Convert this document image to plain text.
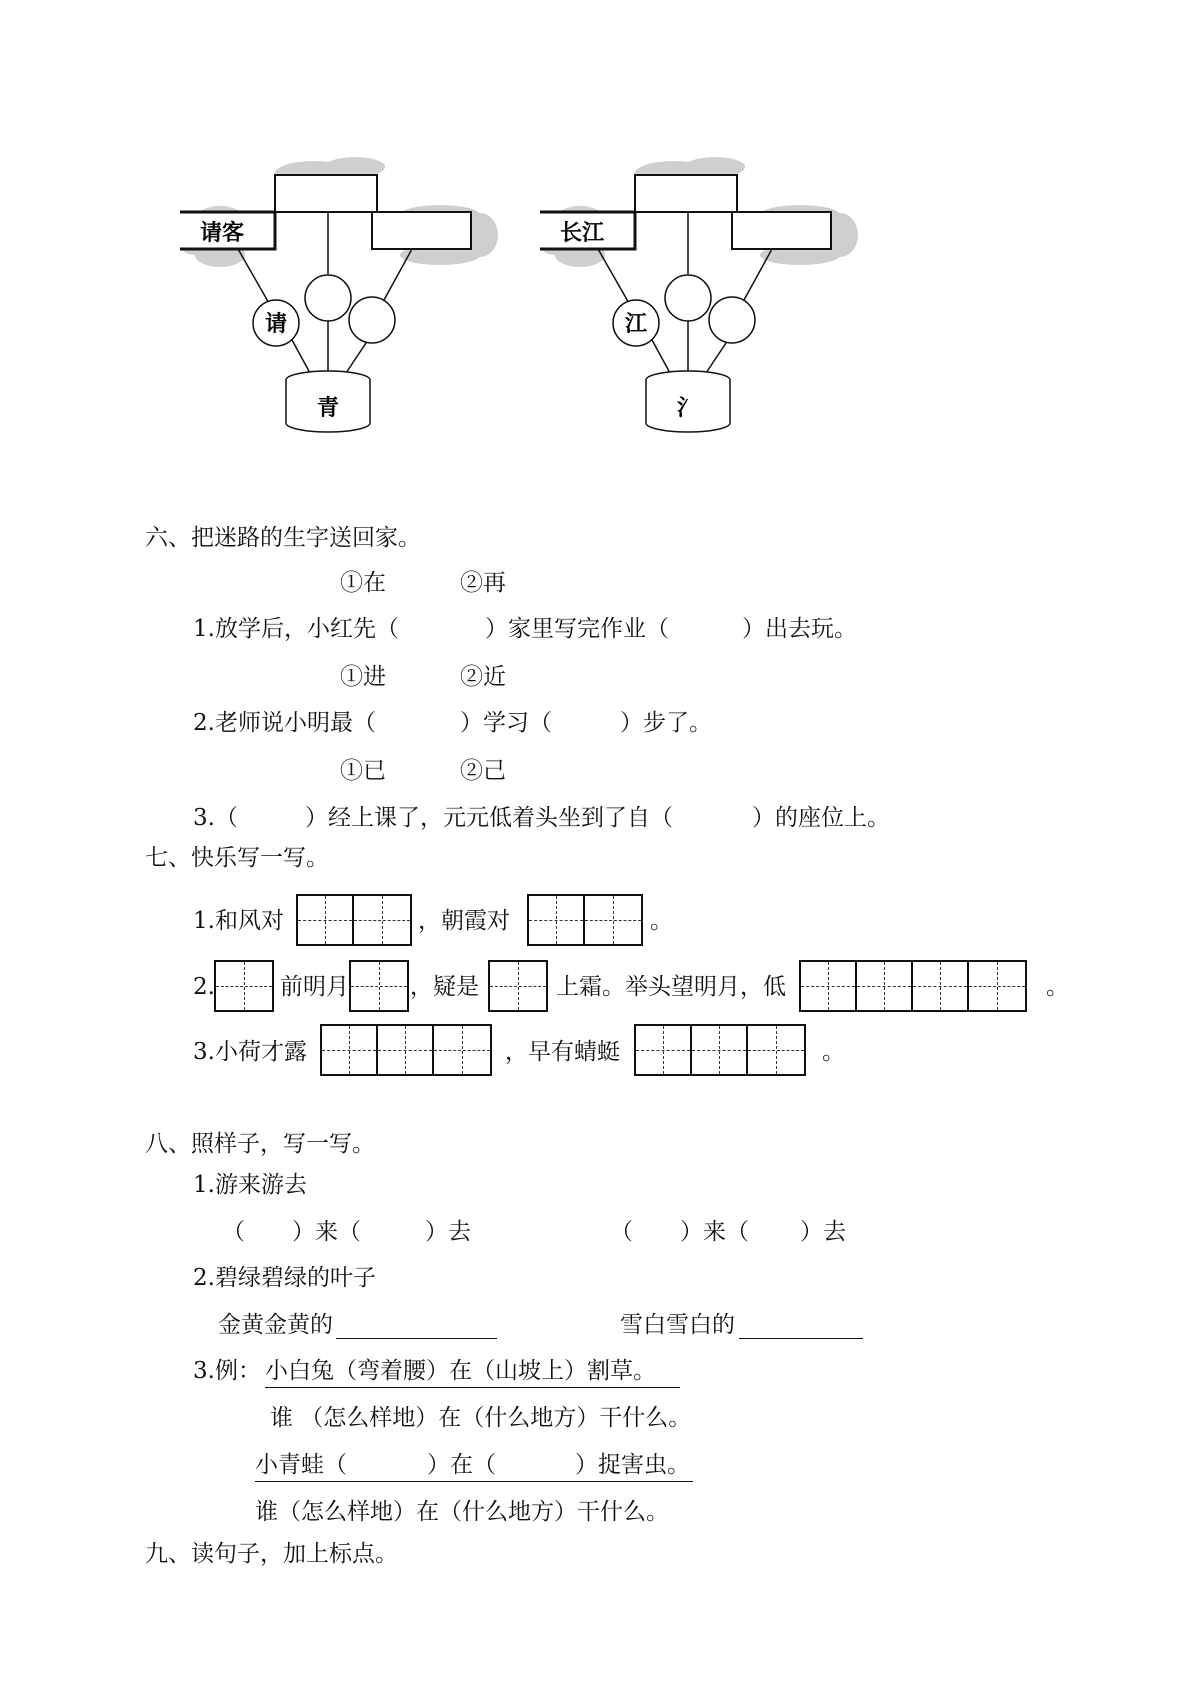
请客
请
青
长江
江
氵
六、把迷路的生字送回家。
①在	②再
1.放学后，小红先（	）家里写完作业（	）出去玩。
①进	②近
2.老师说小明最（	）学习（	）步了。
①已	②己
3.（	）经上课了，元元低着头坐到了自（	）的座位上。
七、快乐写一写。
1.和风对	，朝霞对	。
2.	前明月	，疑是	上霜。举头望明月，低	。
3.小荷才露	，早有蜻蜓	。
八、照样子，写一写。
1.游来游去
（ ）来（	）去	（ ）来（ ）去
2.碧绿碧绿的叶子
金黄金黄的	雪白雪白的
3.例： 小白兔（弯着腰）在（山坡上）割草。
谁 （怎么样地）在（什么地方）干什么。
小青蛙（	）在（	）捉害虫。
谁（怎么样地）在（什么地方）干什么。
九、读句子，加上标点。
